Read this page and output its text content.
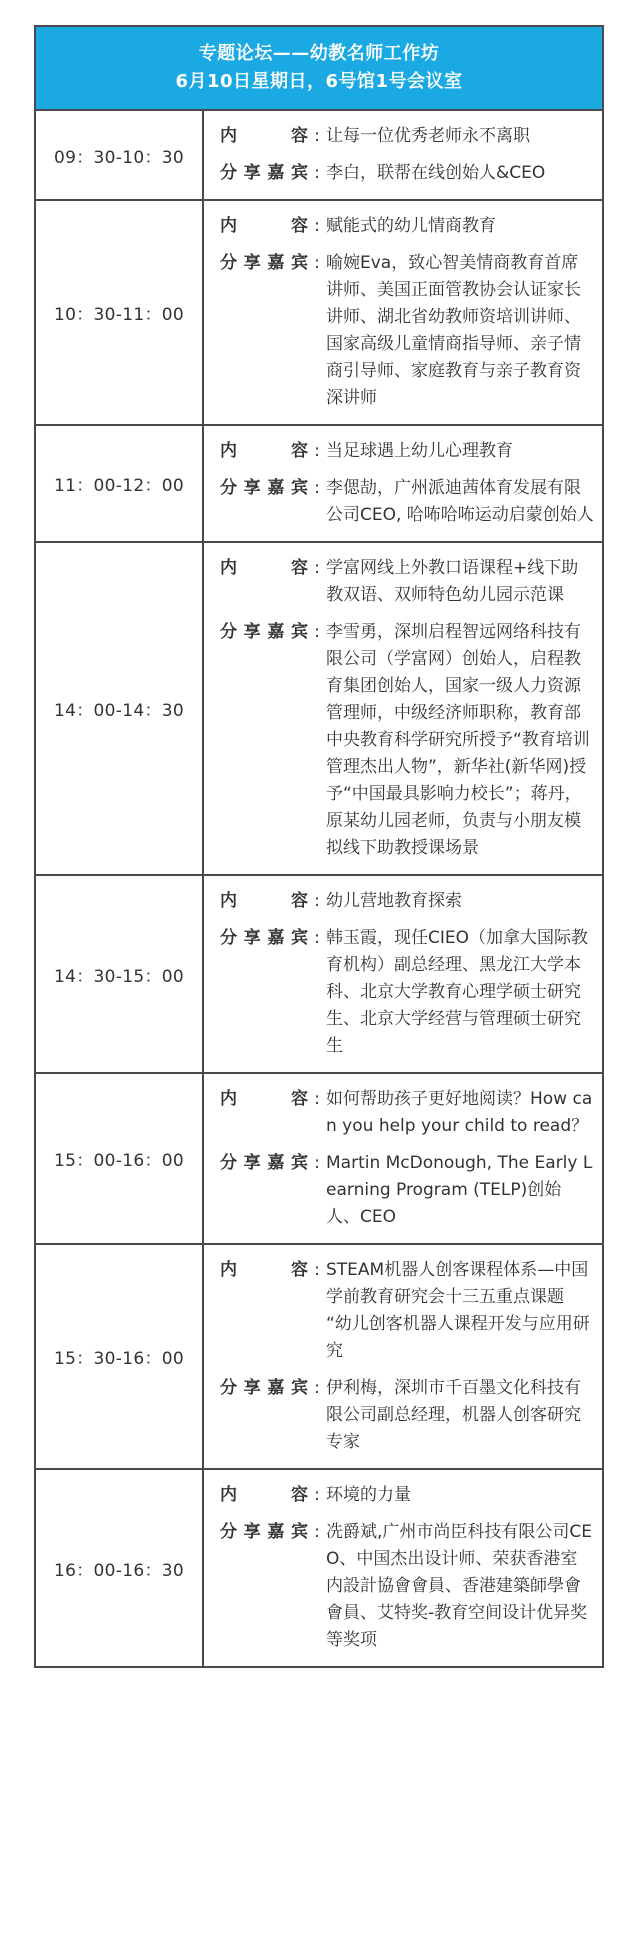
专题论坛——幼教名师工作坊
6月10日星期日，6号馆1号会议室
09：30-10：30
内 容 : 让每一位优秀老师永不离职
分享嘉宾 : 李白，联帮在线创始人&CEO
10：30-11：00
内 容 : 赋能式的幼儿情商教育
分享嘉宾 : 喻婉Eva，致心智美情商教育首席讲师、美国正面管教协会认证家长讲师、湖北省幼教师资培训讲师、国家高级儿童情商指导师、亲子情商引导师、家庭教育与亲子教育资深讲师
11：00-12：00
内 容 : 当足球遇上幼儿心理教育
分享嘉宾 : 李偲劼，广州派迪茜体育发展有限公司CEO, 哈咘哈咘运动启蒙创始人
14：00-14：30
内 容 : 学富网线上外教口语课程+线下助教双语、双师特色幼儿园示范课
分享嘉宾 : 李雪勇，深圳启程智远网络科技有限公司（学富网）创始人，启程教育集团创始人，国家一级人力资源管理师，中级经济师职称，教育部中央教育科学研究所授予“教育培训管理杰出人物”，新华社(新华网)授予“中国最具影响力校长”；蒋丹，原某幼儿园老师，负责与小朋友模拟线下助教授课场景
14：30-15：00
内 容 : 幼儿营地教育探索
分享嘉宾 : 韩玉霞，现任CIEO（加拿大国际教育机构）副总经理、黑龙江大学本科、北京大学教育心理学硕士研究生、北京大学经营与管理硕士研究生
15：00-16：00
内 容 : 如何帮助孩子更好地阅读？How can you help your child to read？
分享嘉宾 : Martin McDonough, The Early Learning Program (TELP)创始人、CEO
15：30-16：00
内 容 : STEAM机器人创客课程体系—中国学前教育研究会十三五重点课题 “幼儿创客机器人课程开发与应用研究
分享嘉宾 : 伊利梅，深圳市千百墨文化科技有限公司副总经理，机器人创客研究专家
16：00-16：30
内 容 : 环境的力量
分享嘉宾 : 冼爵斌,广州市尚臣科技有限公司CEO、中国杰出设计师、荣获香港室内設計協會會員、香港建築師學會會員、艾特奖-教育空间设计优异奖等奖项
